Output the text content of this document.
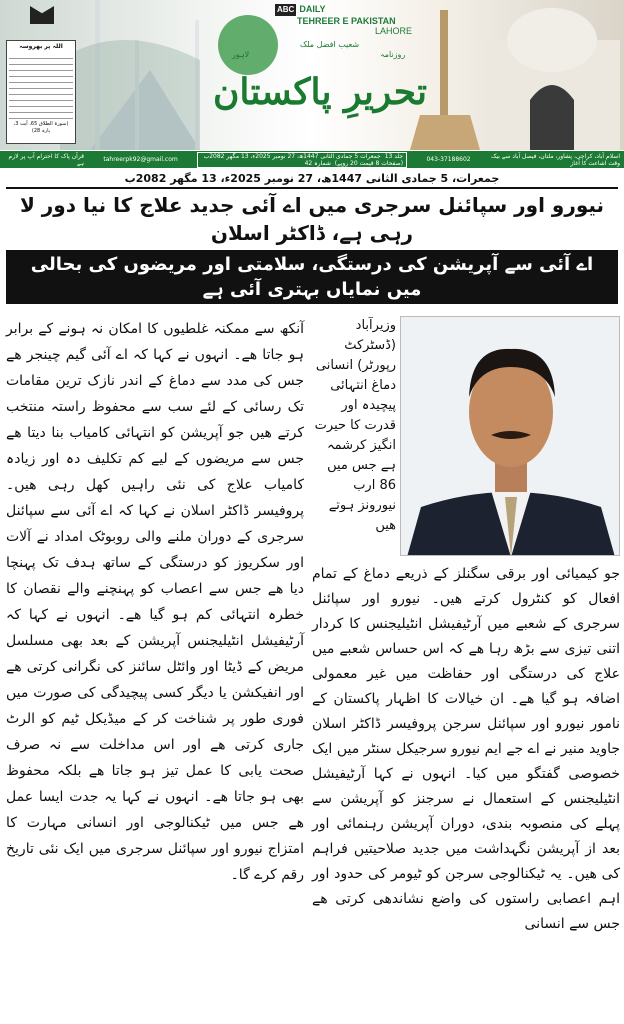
اللہ پر بھروسہ
(سورۃ الطلاق 65، آیت 3، پارہ 28)
ABC DAILY
TEHREER E PAKISTAN
LAHORE
شعیب افضل ملک
روزنامہ
تحریرِ پاکستان
لاہور
اسلام آباد، کراچی، پشاور، ملتان، فیصل آباد سے بیک وقت اشاعت کا آغاز
043-37188602
جلد 13 جمعرات 5 جمادی الثانی 1447ھ، 27 نومبر 2025ء، 13 مگھر 2082ب (صفحات 8 قیمت 20 روپے) شمارہ 42
tahreerpk92@gmail.com
قرآن پاک کا احترام آپ پر لازم ہے
جمعرات، 5 جمادی الثانی 1447ھ، 27 نومبر 2025ء، 13 مگھر 2082ب
نیورو اور سپائنل سرجری میں اے آئی جدید علاج کا نیا دور لا رہی ہے، ڈاکٹر اسلان
اے آئی سے آپریشن کی درستگی، سلامتی اور مریضوں کی بحالی میں نمایاں بہتری آئی ہے
وزیرآباد (ڈسٹرکٹ رپورٹر) انسانی دماغ انتہائی پیچیدہ اور قدرت کا حیرت انگیز کرشمہ ہے جس میں 86 ارب نیورونز ہوتے ھیں
جو کیمیائی اور برقی سگنلز کے ذریعے دماغ کے تمام افعال کو کنٹرول کرتے ھیں۔ نیورو اور سپائنل سرجری کے شعبے میں آرٹیفیشل انٹیلیجنس کا کردار اتنی تیزی سے بڑھ رہا ھے کہ اس حساس شعبے میں علاج کی درستگی اور حفاظت میں غیر معمولی اضافہ ہو گیا ھے۔ ان خیالات کا اظہار پاکستان کے نامور نیورو اور سپائنل سرجن پروفیسر ڈاکٹر اسلان جاوید منیر نے اے جے ایم نیورو سرجیکل سنٹر میں ایک خصوصی گفتگو میں کیا۔ انہوں نے کہا آرٹیفیشل انٹیلیجنس کے استعمال نے سرجنز کو آپریشن سے پہلے کی منصوبہ بندی، دوران آپریشن رہنمائی اور بعد از آپریشن نگہداشت میں جدید صلاحیتیں فراہم کی ھیں۔ یہ ٹیکنالوجی سرجن کو ٹیومر کی حدود اور اہم اعصابی راستوں کی واضع نشاندھی کرتی ھے جس سے انسانی
آنکھ سے ممکنہ غلطیوں کا امکان نہ ہونے کے برابر ہو جاتا ھے۔ انہوں نے کہا کہ اے آئی گیم چینجر ھے جس کی مدد سے دماغ کے اندر نازک ترین مقامات تک رسائی کے لئے سب سے محفوظ راستہ منتخب کرتے ھیں جو آپریشن کو انتہائی کامیاب بنا دیتا ھے جس سے مریضوں کے لیے کم تکلیف دہ اور زیادہ کامیاب علاج کی نئی راہیں کھل رہی ھیں۔ پروفیسر ڈاکٹر اسلان نے کہا کہ اے آئی سے سپائنل سرجری کے دوران ملنے والی روبوٹک امداد نے آلات اور سکریوز کو درستگی کے ساتھ ہدف تک پہنچا دیا ھے جس سے اعصاب کو پہنچنے والے نقصان کا خطرہ انتہائی کم ہو گیا ھے۔ انہوں نے کہا کہ آرٹیفیشل انٹیلیجنس آپریشن کے بعد بھی مسلسل مریض کے ڈیٹا اور وائٹل سائنز کی نگرانی کرتی ھے اور انفیکشن یا دیگر کسی پیچیدگی کی صورت میں فوری طور پر شناخت کر کے میڈیکل ٹیم کو الرٹ جاری کرتی ھے اور اس مداخلت سے نہ صرف صحت یابی کا عمل تیز ہو جاتا ھے بلکہ محفوظ بھی ہو جاتا ھے۔ انہوں نے کہا یہ جدت ایسا عمل ھے جس میں ٹیکنالوجی اور انسانی مہارت کا امتزاج نیورو اور سپائنل سرجری میں ایک نئی تاریخ رقم کرے گا۔
